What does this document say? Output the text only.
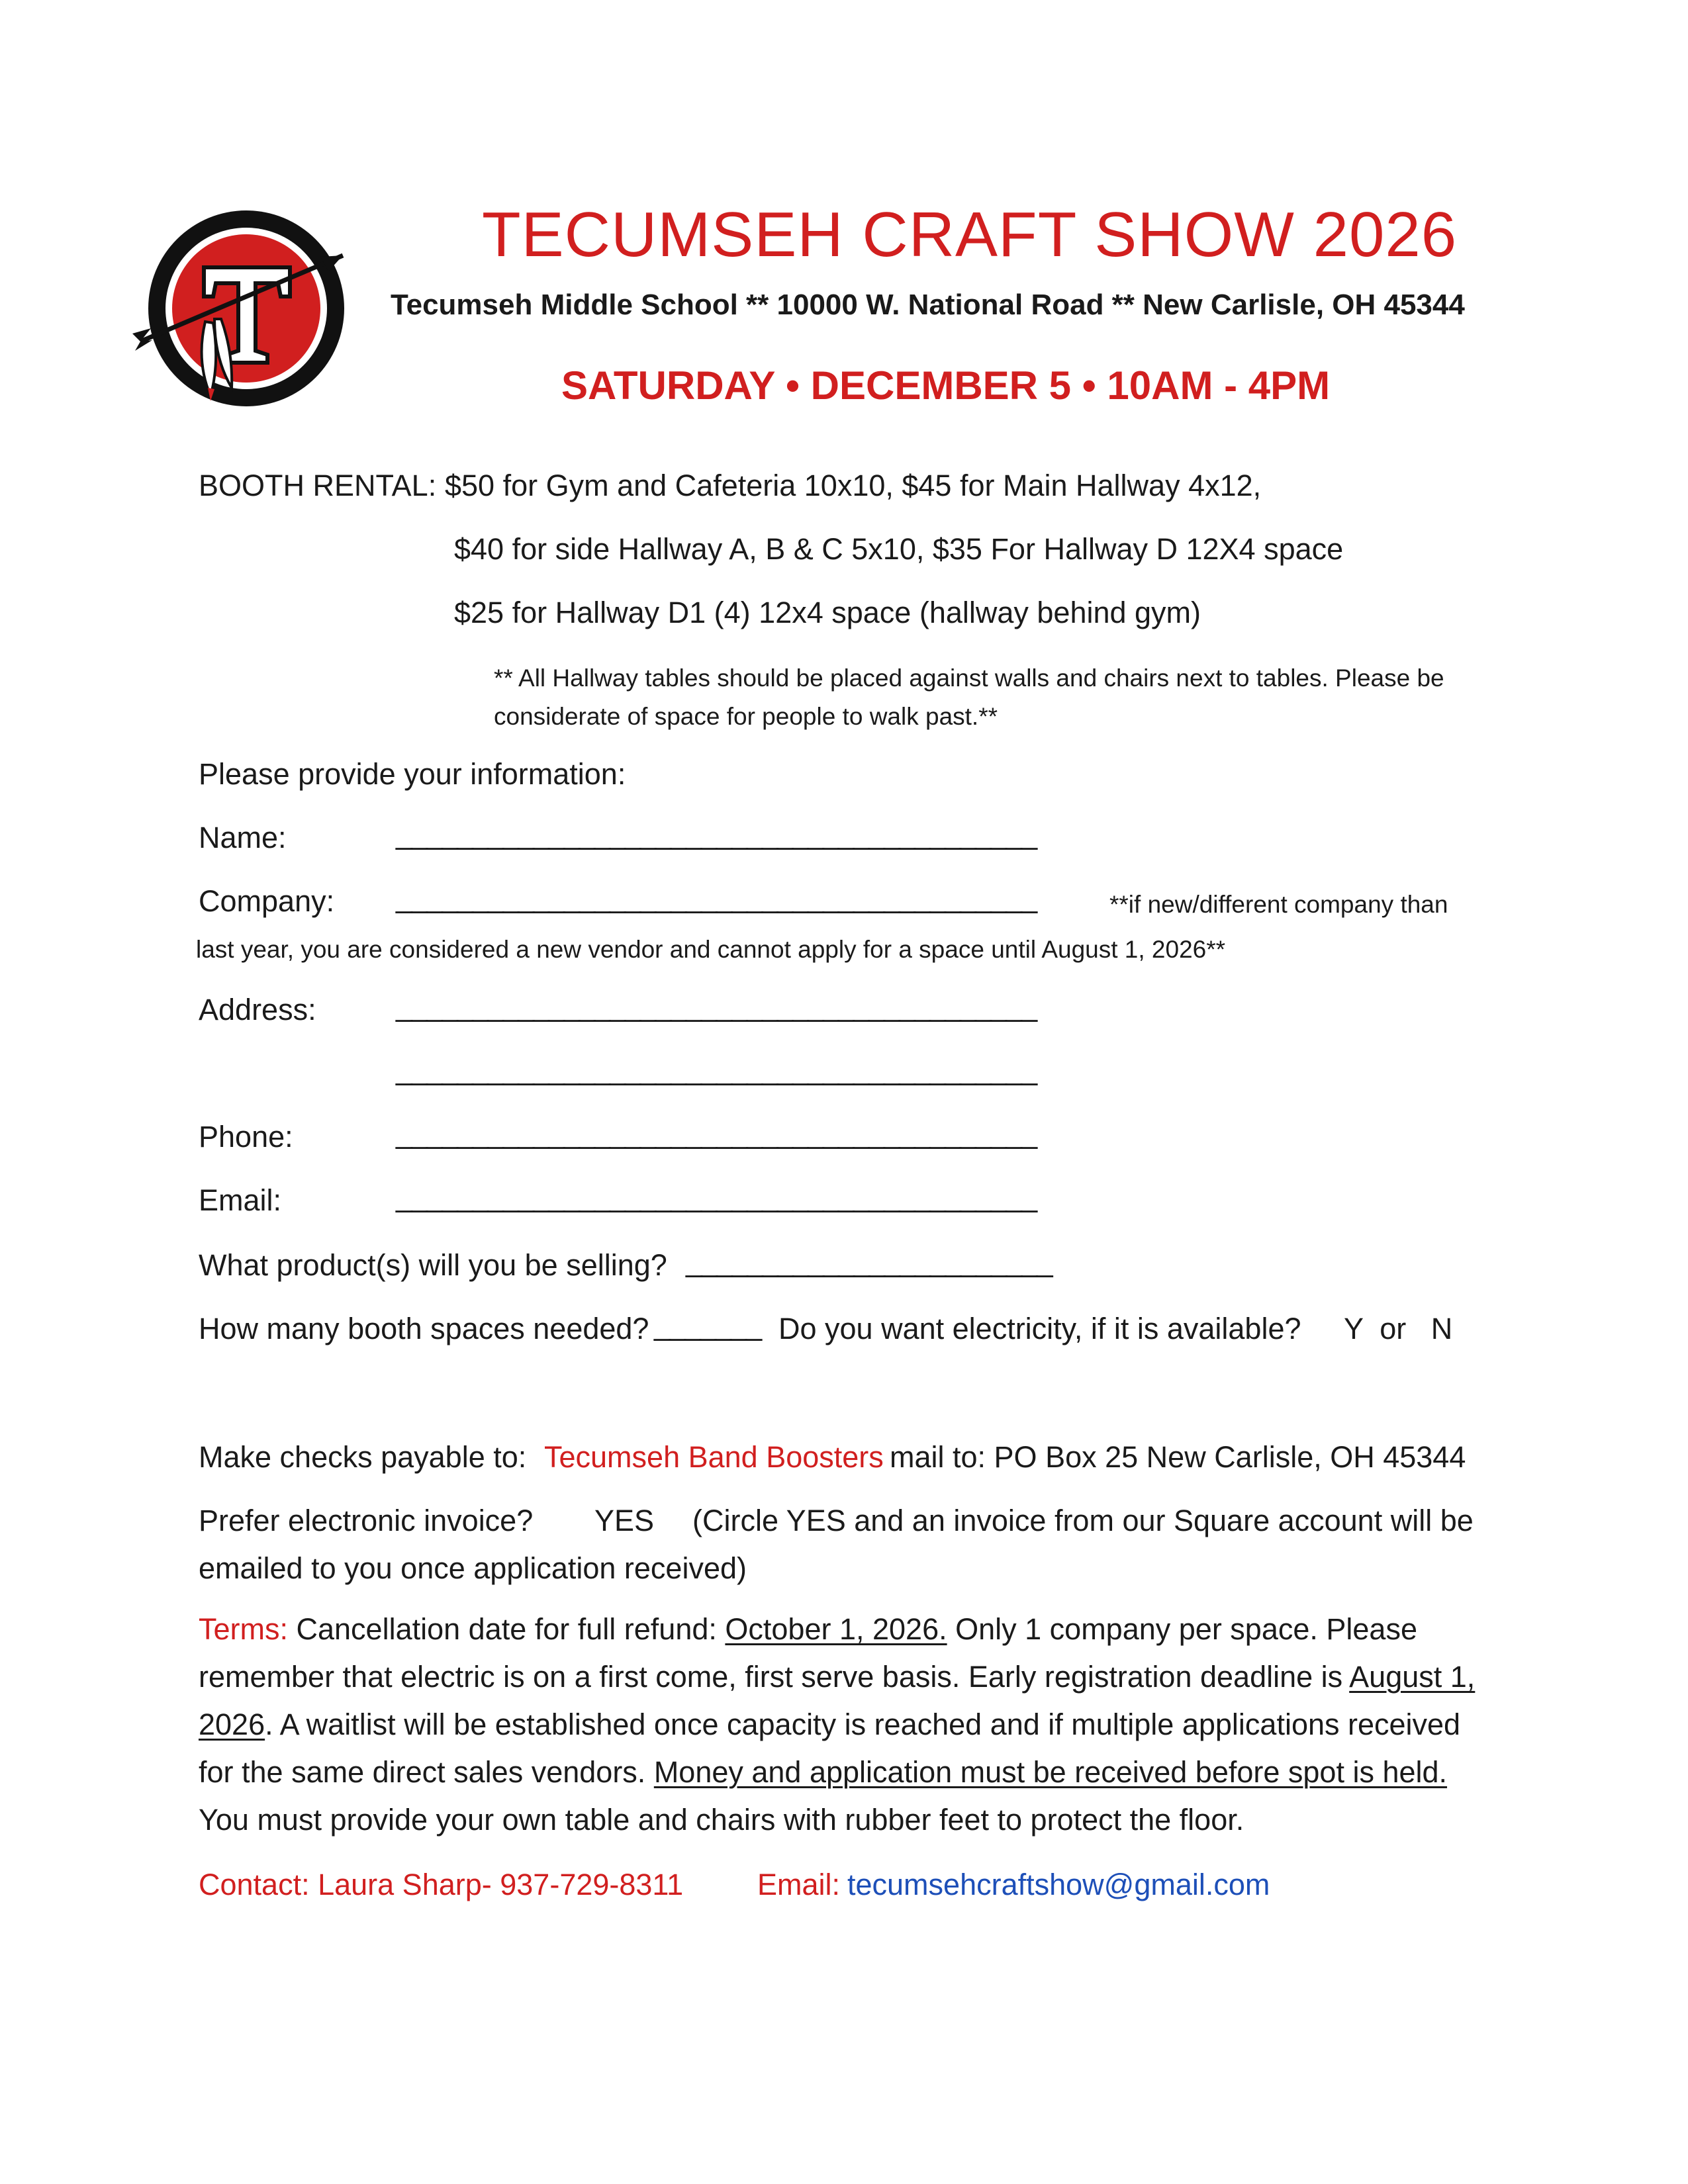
TECUMSEH CRAFT SHOW 2026
Tecumseh Middle School ** 10000 W. National Road ** New Carlisle, OH 45344
SATURDAY • DECEMBER 5 • 10AM - 4PM
BOOTH RENTAL: $50 for Gym and Cafeteria 10x10, $45 for Main Hallway 4x12,
$40 for side Hallway A, B & C 5x10, $35 For Hallway D 12X4 space
$25 for Hallway D1 (4) 12x4 space (hallway behind gym)
** All Hallway tables should be placed against walls and chairs next to tables. Please be
considerate of space for people to walk past.**
Please provide your information:
Name:	__________________________________________
Company: __________________________________________	**if new/different company than
last year, you are considered a new vendor and cannot apply for a space until August 1, 2026**
Address:	__________________________________________
__________________________________________
Phone:	__________________________________________
Email:	__________________________________________
What product(s) will you be selling? ________________________
How many booth spaces needed? _______ Do you want electricity, if it is available? Y  or   N
Make checks payable to: Tecumseh Band Boosters mail to: PO Box 25 New Carlisle, OH 45344
Prefer electronic invoice? YES (Circle YES and an invoice from our Square account will be
emailed to you once application received)
Terms: Cancellation date for full refund: October 1, 2026. Only 1 company per space. Please remember that electric is on a first come, first serve basis. Early registration deadline is August 1, 2026. A waitlist will be established once capacity is reached and if multiple applications received for the same direct sales vendors. Money and application must be received before spot is held. You must provide your own table and chairs with rubber feet to protect the floor.
Contact: Laura Sharp- 937-729-8311 Email: tecumsehcraftshow@gmail.com
